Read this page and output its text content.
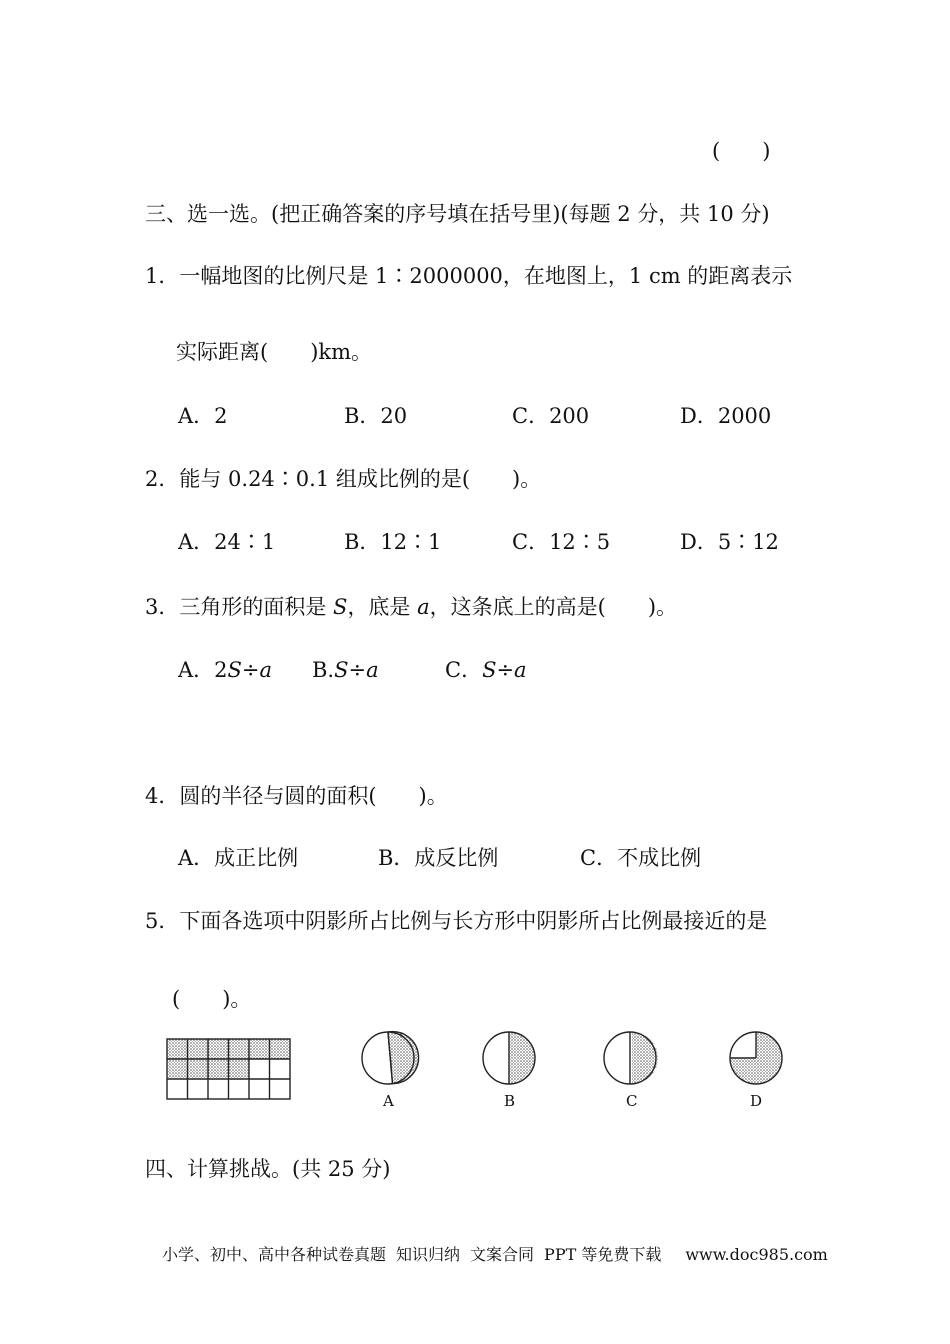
(　　)
三、选一选。(把正确答案的序号填在括号里)(每题 2 分，共 10 分)
1．一幅地图的比例尺是 1∶2000000，在地图上，1 cm 的距离表示
实际距离(　　)km。
A．2	B．20	C．200	D．2000
2．能与 0.24∶0.1 组成比例的是(　　)。
A．24∶1	B．12∶1	C．12∶5	D．5∶12
3．三角形的面积是 S，底是 a，这条底上的高是(　　)。
A．2S÷a B.S÷a	C．S÷a
4．圆的半径与圆的面积(　　)。
A．成正比例	B．成反比例	C．不成比例
5．下面各选项中阴影所占比例与长方形中阴影所占比例最接近的是
(　　)。
A	B	C	D
四、计算挑战。(共 25 分)
小学、初中、高中各种试卷真题 知识归纳 文案合同 PPT 等免费下载 www.doc985.com
